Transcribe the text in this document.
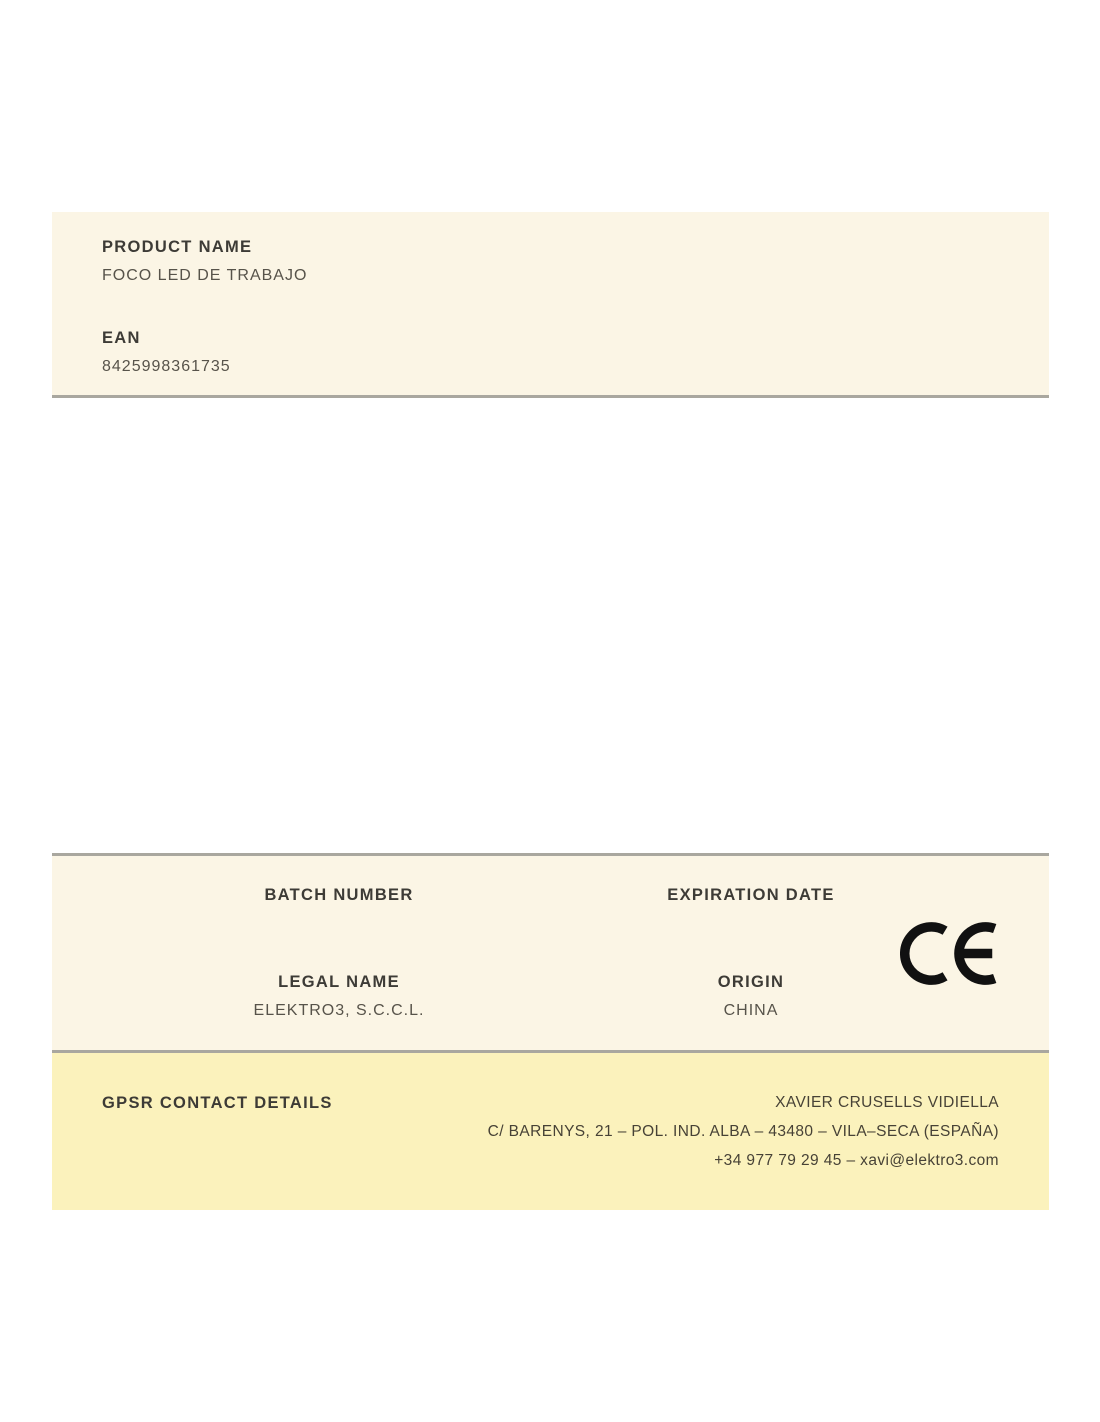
PRODUCT NAME
FOCO LED DE TRABAJO
EAN
8425998361735
BATCH NUMBER
LEGAL NAME
ELEKTRO3, S.C.C.L.
EXPIRATION DATE
ORIGIN
CHINA
GPSR CONTACT DETAILS	XAVIER CRUSELLS VIDIELLA
C/ BARENYS, 21 – POL. IND. ALBA – 43480 – VILA–SECA (ESPAÑA)
+34 977 79 29 45 – xavi@elektro3.com
